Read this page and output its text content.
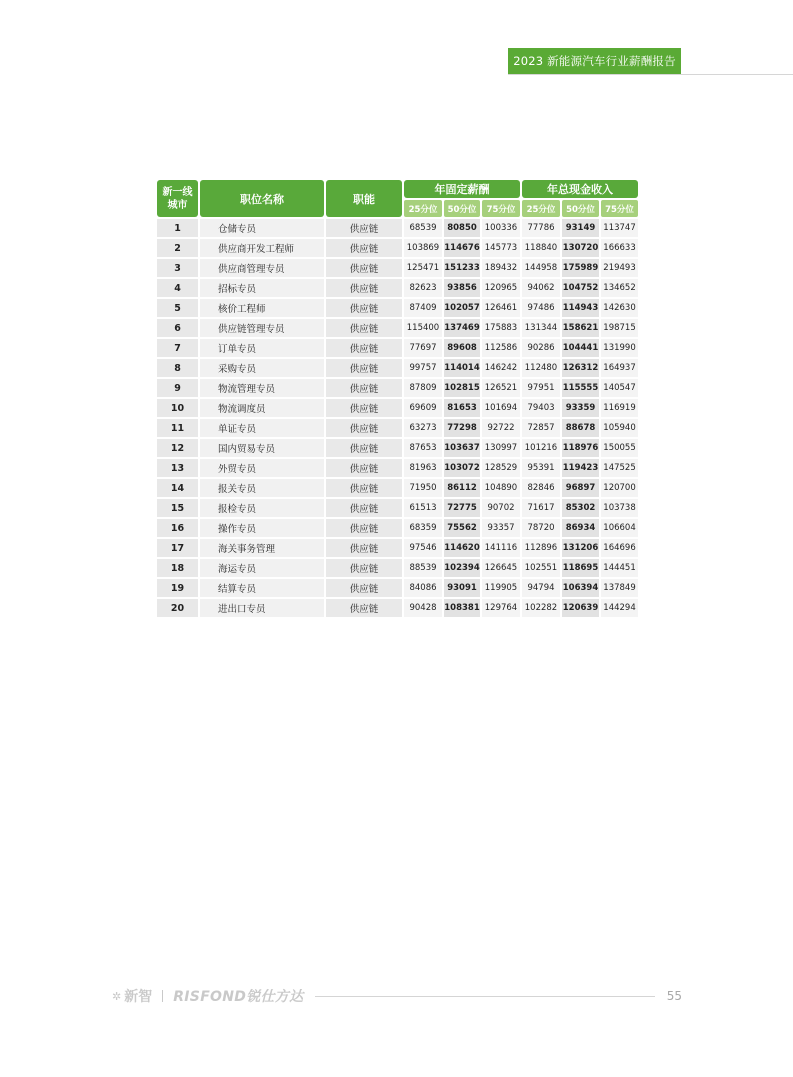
2023 新能源汽车行业薪酬报告
新一线城市	职位名称	职能	年固定薪酬			年总现金收入		
			25分位	50分位	75分位	25分位	50分位	75分位
1	仓储专员	供应链	68539	80850	100336	77786	93149	113747
2	供应商开发工程师	供应链	103869	114676	145773	118840	130720	166633
3	供应商管理专员	供应链	125471	151233	189432	144958	175989	219493
4	招标专员	供应链	82623	93856	120965	94062	104752	134652
5	核价工程师	供应链	87409	102057	126461	97486	114943	142630
6	供应链管理专员	供应链	115400	137469	175883	131344	158621	198715
7	订单专员	供应链	77697	89608	112586	90286	104441	131990
8	采购专员	供应链	99757	114014	146242	112480	126312	164937
9	物流管理专员	供应链	87809	102815	126521	97951	115555	140547
10	物流调度员	供应链	69609	81653	101694	79403	93359	116919
11	单证专员	供应链	63273	77298	92722	72857	88678	105940
12	国内贸易专员	供应链	87653	103637	130997	101216	118976	150055
13	外贸专员	供应链	81963	103072	128529	95391	119423	147525
14	报关专员	供应链	71950	86112	104890	82846	96897	120700
15	报检专员	供应链	61513	72775	90702	71617	85302	103738
16	操作专员	供应链	68359	75562	93357	78720	86934	106604
17	海关事务管理	供应链	97546	114620	141116	112896	131206	164696
18	海运专员	供应链	88539	102394	126645	102551	118695	144451
19	结算专员	供应链	84086	93091	119905	94794	106394	137849
20	进出口专员	供应链	90428	108381	129764	102282	120639	144294
✲ 新智 RISFOND锐仕方达	55
